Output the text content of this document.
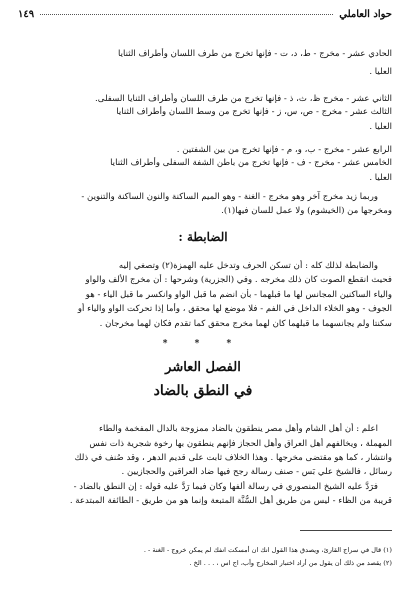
حواد العاملي
١٤٩
الحادي عشر - مخرج - ط، د، ت - فإنها تخرج من طرف اللسان وأطراف الثنايا
العليا .
الثاني عشر - مخرج ظ، ث، ذ - فإنها تخرج من طرف اللسان وأطراف الثنايا السفلى.
الثالث عشر - مخرج - ص، س، ز - فإنها تخرج من وسط اللسان وأطراف الثنايا
العليا .
الرابع عشر - مخرج - ب، و، م - فإنها تخرج من بين الشفتين .
الخامس عشر - مخرج - ف - فإنها تخرج من باطن الشفة السفلى وأطراف الثنايا
العليا .
وربما زيد مخرج آخر وهو مخرج - الغنة - وهو الميم الساكنة والنون الساكنة والتنوين -
ومخرجها من (الخيشوم) ولا عمل للسان فيها(١).
الضابطة :
والضابطة لذلك كله : أن تسكن الحرف وتدخل عليه الهمزة(٢) وتصغي إليه
فحيث انقطع الصوت كان ذلك مخرجه . وفي (الجزرية) وشرحها : أن مخرج الألف والواو
والياء الساكنين المجانس لها ما قبلهما - بأن انضم ما قبل الواو وانكسر ما قبل الياء - هو
الجوف - وهو الخلاء الداخل في الفم - فلا موضع لها محقق ، وأما إذا تحركت الواو والياء أو
سكنتا ولم يجانسهما ما قبلهما كان لهما مخرج محقق كما تقدم فكان لهما مخرجان .
* * *
الفصل العاشر
في النطق بالضاد
اعلم : أن أهل الشام وأهل مصر ينطقون بالضاد ممزوجة بالدال المفخمة والطاء
المهملة ، ويخالفهم أهل العراق وأهل الحجاز فإنهم ينطقون بها رخوة شجرية ذات نفس
وانتشار ، كما هو مقتضى مخرجها . وهذا الخلاف ثابت على قديم الدهر ، وقد صُنف في ذلك
رسائل ، فالشيخ علي بَس - صنف رسالة رجح فيها ضاد العراقين والحجازيين .
فرَدَّ عليه الشيخ المنصوري في رسالة ألفها وكان فيما رَدَّ عليه قوله : إن النطق بالضاد -
قريبة من الظاء - ليس من طريق أهل السُّنَّة المتبعة وإنما هو من طريق - الطائفة المبتدعة .
(١) قال في سراج القارئ، ويصدق هذا القول انك ان أمسكت انفك لم يمكن خروج - الغنة - .
(٢) يقصد من ذلك أن يقول من أراد اختبار المخارج وأب، اج اس ، . . . الخ .
